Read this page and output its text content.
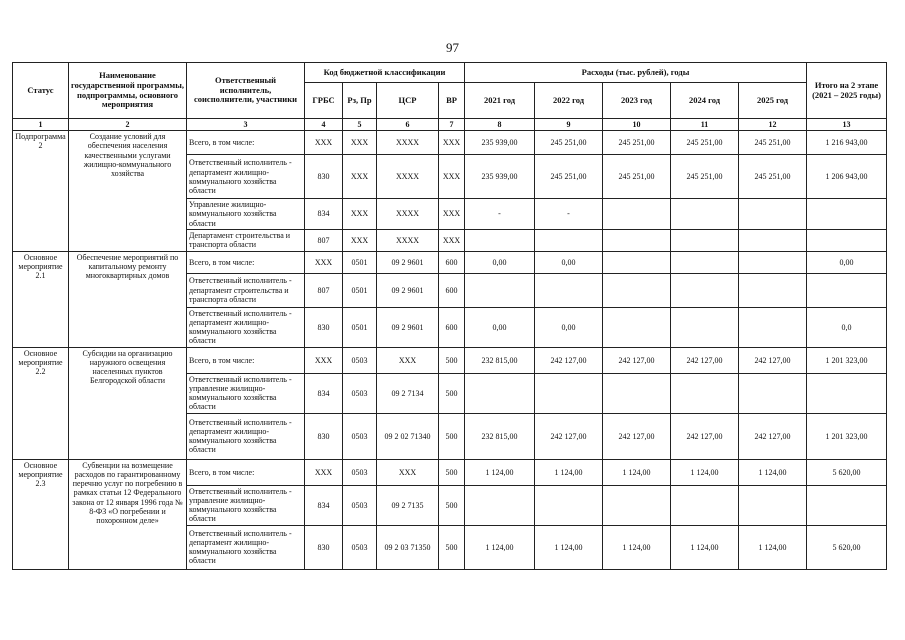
97
Статус	Наименование государственной программы, подпрограммы, основного мероприятия	Ответственный исполнитель, соисполнители, участники	Код бюджетной классификации				Расходы (тыс. рублей), годы					Итого на 2 этапе (2021 – 2025 годы)
			ГРБС	Рз, Пр	ЦСР	ВР	2021 год	2022 год	2023 год	2024 год	2025 год	
1	2	3	4	5	6	7	8	9	10	11	12	13
Подпрограмма 2	Создание условий для обеспечения населения качественными услугами жилищно-коммунального хозяйства	Всего, в том числе:	XXX	XXX	XXXX	XXX	235 939,00	245 251,00	245 251,00	245 251,00	245 251,00	1 216 943,00
		Ответственный исполнитель - департамент жилищно-коммунального хозяйства области	830	XXX	XXXX	XXX	235 939,00	245 251,00	245 251,00	245 251,00	245 251,00	1 206 943,00
		Управление жилищно-коммунального хозяйства области	834	XXX	XXXX	XXX	-	-				
		Департамент строительства и транспорта области	807	XXX	XXXX	XXX						
Основное мероприятие 2.1	Обеспечение мероприятий по капитальному ремонту многоквартирных домов	Всего, в том числе:	XXX	0501	09 2 9601	600	0,00	0,00				0,00
		Ответственный исполнитель - департамент строительства и транспорта области	807	0501	09 2 9601	600						
		Ответственный исполнитель - департамент жилищно-коммунального хозяйства области	830	0501	09 2 9601	600	0,00	0,00				0,0
Основное мероприятие 2.2	Субсидии на организацию наружного освещения населенных пунктов Белгородской области	Всего, в том числе:	XXX	0503	XXX	500	232 815,00	242 127,00	242 127,00	242 127,00	242 127,00	1 201 323,00
		Ответственный исполнитель - управление жилищно-коммунального хозяйства области	834	0503	09 2 7134	500						
		Ответственный исполнитель - департамент жилищно-коммунального хозяйства области	830	0503	09 2 02 71340	500	232 815,00	242 127,00	242 127,00	242 127,00	242 127,00	1 201 323,00
Основное мероприятие 2.3	Субвенции на возмещение расходов по гарантированному перечню услуг по погребению в рамках статьи 12 Федерального закона от 12 января 1996 года № 8-ФЗ «О погребении и похоронном деле»	Всего, в том числе:	XXX	0503	XXX	500	1 124,00	1 124,00	1 124,00	1 124,00	1 124,00	5 620,00
		Ответственный исполнитель - управление жилищно-коммунального хозяйства области	834	0503	09 2 7135	500						
		Ответственный исполнитель - департамент жилищно-коммунального хозяйства области	830	0503	09 2 03 71350	500	1 124,00	1 124,00	1 124,00	1 124,00	1 124,00	5 620,00
